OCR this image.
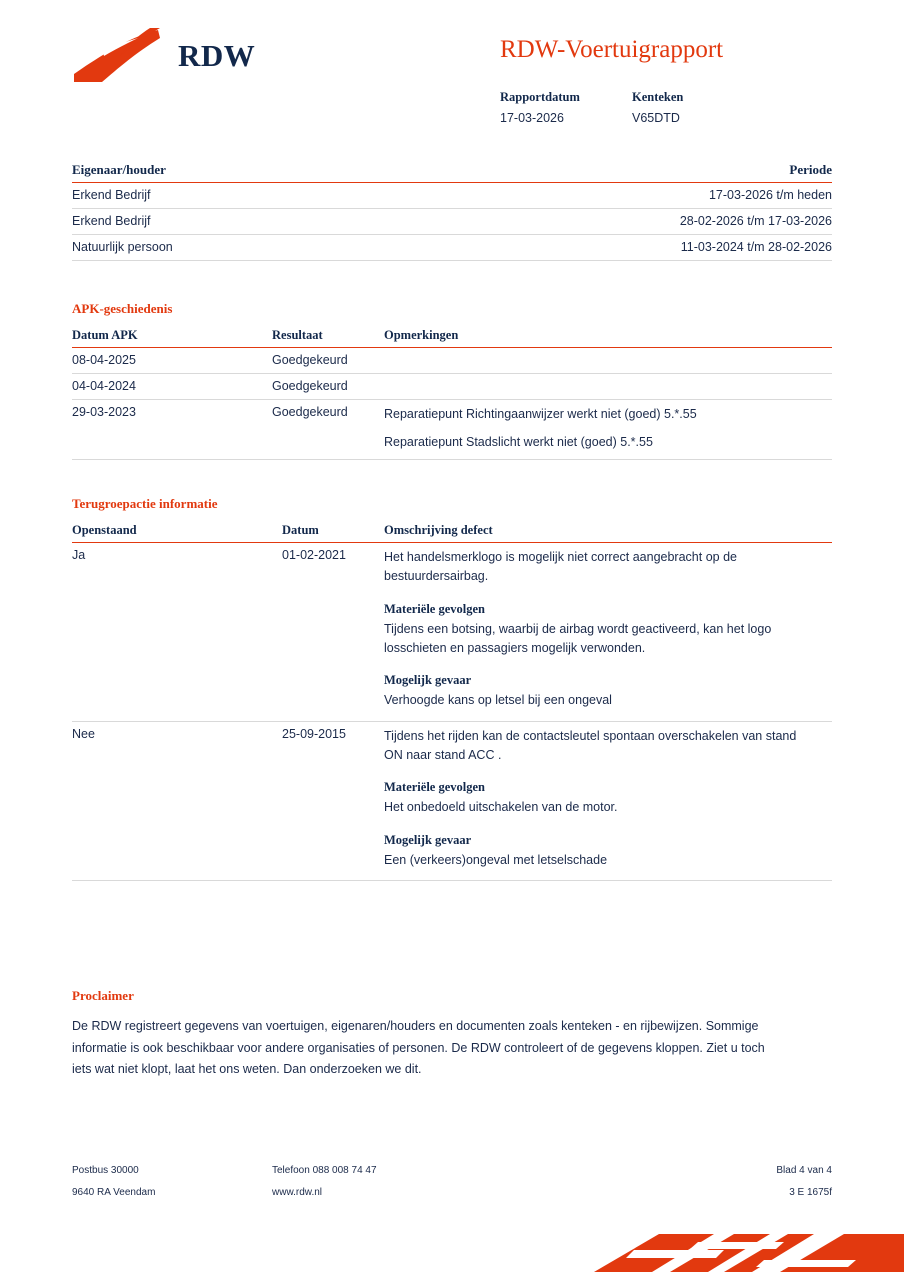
RDW	RDW-Voertuigrapport
Rapportdatum
17-03-2026
Kenteken
V65DTD
Eigenaar/houder	Periode
Erkend Bedrijf	17-03-2026 t/m heden
Erkend Bedrijf	28-02-2026 t/m 17-03-2026
Natuurlijk persoon	11-03-2024 t/m 28-02-2026
APK-geschiedenis
Datum APK	Resultaat	Opmerkingen
08-04-2025	Goedgekeurd	
04-04-2024	Goedgekeurd	
29-03-2023	Goedgekeurd	Reparatiepunt Richtingaanwijzer werkt niet (goed) 5.*.55
Reparatiepunt Stadslicht werkt niet (goed) 5.*.55
Terugroepactie informatie
Openstaand	Datum	Omschrijving defect
Ja	01-02-2021	Het handelsmerklogo is mogelijk niet correct aangebracht op de bestuurdersairbag.

Materiële gevolgen

Tijdens een botsing, waarbij de airbag wordt geactiveerd, kan het logo losschieten en passagiers mogelijk verwonden.

Mogelijk gevaar

Verhoogde kans op letsel bij een ongeval

Nee	25-09-2015	Tijdens het rijden kan de contactsleutel spontaan overschakelen van stand ON naar stand ACC .

Materiële gevolgen

Het onbedoeld uitschakelen van de motor.

Mogelijk gevaar

Een (verkeers)ongeval met letselschade

Proclaimer

De RDW registreert gegevens van voertuigen, eigenaren/houders en documenten zoals kenteken - en rijbewijzen. Sommige informatie is ook beschikbaar voor andere organisaties of personen. De RDW controleert of de gegevens kloppen. Ziet u toch iets wat niet klopt, laat het ons weten. Dan onderzoeken we dit.

Postbus 30000	Telefoon 088 008 74 47	Blad 4 van 4
9640 RA Veendam	www.rdw.nl	3 E 1675f
